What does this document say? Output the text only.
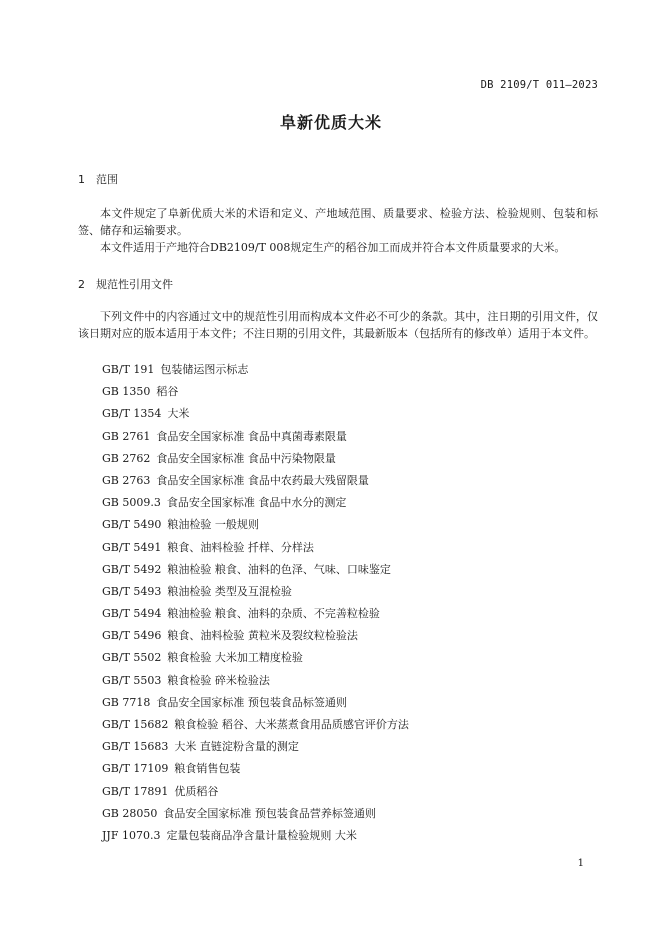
DB 2109/T 011—2023
阜新优质大米
1 范围
本文件规定了阜新优质大米的术语和定义、产地域范围、质量要求、检验方法、检验规则、包装和标签、储存和运输要求。
本文件适用于产地符合DB2109/T 008规定生产的稻谷加工而成并符合本文件质量要求的大米。
2 规范性引用文件
下列文件中的内容通过文中的规范性引用而构成本文件必不可少的条款。其中，注日期的引用文件，仅该日期对应的版本适用于本文件；不注日期的引用文件，其最新版本（包括所有的修改单）适用于本文件。
GB/T 191 包装储运图示标志
GB 1350 稻谷
GB/T 1354 大米
GB 2761 食品安全国家标准 食品中真菌毒素限量
GB 2762 食品安全国家标准 食品中污染物限量
GB 2763 食品安全国家标准 食品中农药最大残留限量
GB 5009.3 食品安全国家标准 食品中水分的测定
GB/T 5490 粮油检验 一般规则
GB/T 5491 粮食、油料检验 扦样、分样法
GB/T 5492 粮油检验 粮食、油料的色泽、气味、口味鉴定
GB/T 5493 粮油检验 类型及互混检验
GB/T 5494 粮油检验 粮食、油料的杂质、不完善粒检验
GB/T 5496 粮食、油料检验 黄粒米及裂纹粒检验法
GB/T 5502 粮食检验 大米加工精度检验
GB/T 5503 粮食检验 碎米检验法
GB 7718 食品安全国家标准 预包装食品标签通则
GB/T 15682 粮食检验 稻谷、大米蒸煮食用品质感官评价方法
GB/T 15683 大米 直链淀粉含量的测定
GB/T 17109 粮食销售包装
GB/T 17891 优质稻谷
GB 28050 食品安全国家标准 预包装食品营养标签通则
JJF 1070.3 定量包装商品净含量计量检验规则 大米
1
